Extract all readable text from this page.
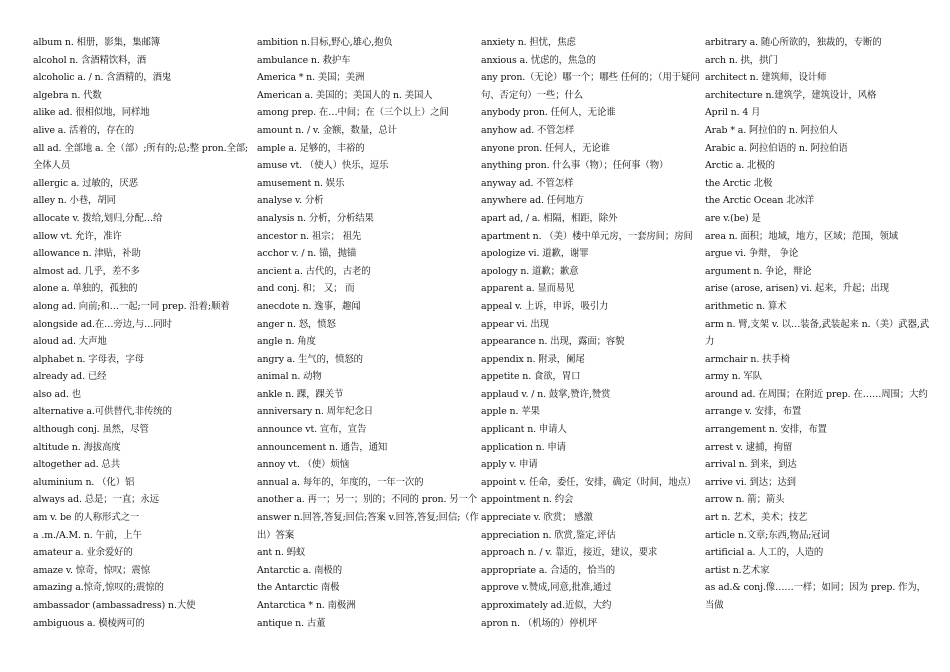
album n. 相册，影集，集邮簿
alcohol n. 含酒精饮料，酒
alcoholic a. / n. 含酒精的，酒鬼
algebra n. 代数
alike ad. 很相似地，同样地
alive a. 活着的，存在的
all ad. 全部地 a. 全（部）;所有的;总;整 pron.全部;全体人员
allergic a. 过敏的，厌恶
alley n. 小巷，胡同
allocate v. 拨给,划归,分配…给
allow vt. 允许，准许
allowance n. 津贴，补助
almost ad. 几乎，差不多
alone a. 单独的，孤独的
along ad. 向前;和…一起;一同 prep. 沿着;顺着
alongside ad.在…旁边,与…同时
aloud ad. 大声地
alphabet n. 字母表，字母
already ad. 已经
also ad. 也
alternative a.可供替代,非传统的
although conj. 虽然，尽管
altitude n. 海拔高度
altogether ad. 总共
aluminium n. （化）铝
always ad. 总是；一直；永远
am v. be 的人称形式之一
a .m./A.M. n. 午前，上午
amateur a. 业余爱好的
amaze v. 惊奇，惊叹；震惊
amazing a.惊奇,惊叹的;震惊的
ambassador (ambassadress) n.大使
ambiguous a. 模棱两可的
ambition n.目标,野心,雄心,抱负
ambulance n. 救护车
America * n. 美国；美洲
American a. 美国的；美国人的 n. 美国人
among prep. 在…中间；在（三个以上）之间
amount n. / v. 金额，数量，总计
ample a. 足够的，丰裕的
amuse vt. （使人）快乐，逗乐
amusement n. 娱乐
analyse v. 分析
analysis n. 分析，分析结果
ancestor n. 祖宗； 祖先
acchor v. / n. 锚，抛锚
ancient a. 古代的，古老的
and conj. 和； 又； 而
anecdote n. 逸事，趣闻
anger n. 怒，愤怒
angle n. 角度
angry a. 生气的，愤怒的
animal n. 动物
ankle n. 踝，踝关节
anniversary n. 周年纪念日
announce vt. 宣布，宣告
announcement n. 通告，通知
annoy vt. （使）烦恼
annual a. 每年的，年度的，一年一次的
another a. 再一；另一；别的；不同的 pron. 另一个
answer n.回答,答复;回信;答案 v.回答,答复;回信;（作出）答案
ant n. 蚂蚁
Antarctic a. 南极的
the Antarctic 南极
Antarctica * n. 南极洲
antique n. 古董
anxiety n. 担忧，焦虑
anxious a. 忧虑的，焦急的
any pron.（无论）哪一个；哪些 任何的；（用于疑问句、否定句）一些；什么
anybody pron. 任何人，无论谁
anyhow ad. 不管怎样
anyone pron. 任何人，无论谁
anything pron. 什么事（物）；任何事（物）
anyway ad. 不管怎样
anywhere ad. 任何地方
apart ad, / a. 相隔，相距，除外
apartment n. （美）楼中单元房，一套房间；房间
apologize vi. 道歉，谢罪
apology n. 道歉；歉意
apparent a. 显而易见
appeal v. 上诉，申诉，吸引力
appear vi. 出现
appearance n. 出现，露面；容貌
appendix n. 附录，阑尾
appetite n. 食欲，胃口
applaud v. / n. 鼓掌,赞许,赞赏
apple n. 苹果
applicant n. 申请人
application n. 申请
apply v. 申请
appoint v. 任命，委任，安排，确定（时间，地点）
appointment n. 约会
appreciate v. 欣赏； 感激
appreciation n. 欣赏,鉴定,评估
approach n. / v. 靠近，接近，建议，要求
appropriate a. 合适的，恰当的
approve v.赞成,同意,批准,通过
approximately ad.近似，大约
apron n. （机场的）停机坪
arbitrary a. 随心所欲的，独裁的，专断的
arch n. 拱，拱门
architect n. 建筑师，设计师
architecture n.建筑学，建筑设计，风格
April n. 4 月
Arab * a. 阿拉伯的 n. 阿拉伯人
Arabic a. 阿拉伯语的 n. 阿拉伯语
Arctic a. 北极的
the Arctic 北极
the Arctic Ocean 北冰洋
are v.(be) 是
area n. 面积；地域，地方，区域；范围，领域
argue vi. 争辩， 争论
argument n. 争论，辩论
arise (arose, arisen) vi. 起来，升起；出现
arithmetic n. 算术
arm n. 臂,支架 v. 以…装备,武装起来 n.（美）武器,武力
armchair n. 扶手椅
army n. 军队
around ad. 在周围；在附近 prep. 在……周围；大约
arrange v. 安排，布置
arrangement n. 安排，布置
arrest v. 逮捕，拘留
arrival n. 到来，到达
arrive vi. 到达；达到
arrow n. 箭；箭头
art n. 艺术，美术；技艺
article n.文章;东西,物品;冠词
artificial a. 人工的，人造的
artist n.艺术家
as ad.& conj.像……一样；如同；因为 prep. 作为，当做
